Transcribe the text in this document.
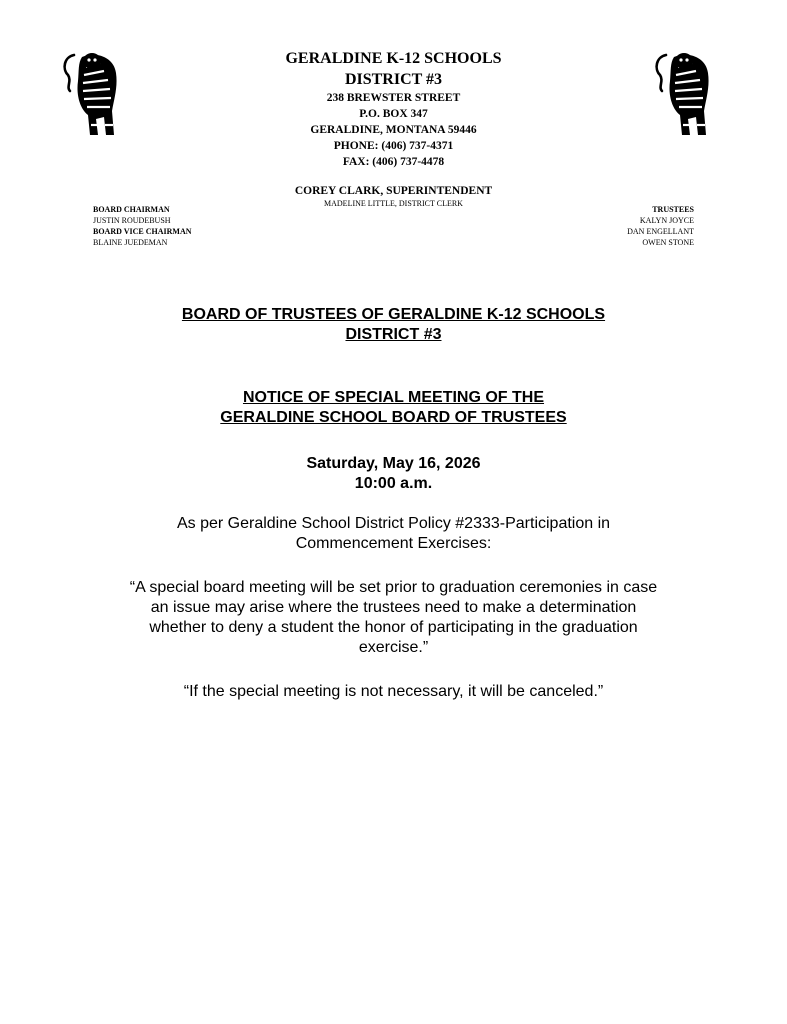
GERALDINE K-12 SCHOOLS
DISTRICT #3
238 BREWSTER STREET
P.O. BOX 347
GERALDINE, MONTANA 59446
PHONE: (406) 737-4371
FAX: (406) 737-4478
COREY CLARK, SUPERINTENDENT
MADELINE LITTLE, DISTRICT CLERK
BOARD CHAIRMAN
JUSTIN ROUDEBUSH
BOARD VICE CHAIRMAN
BLAINE JUEDEMAN
TRUSTEES
KALYN JOYCE
DAN ENGELLANT
OWEN STONE
BOARD OF TRUSTEES OF GERALDINE K-12 SCHOOLS
DISTRICT #3
NOTICE OF SPECIAL MEETING OF THE
GERALDINE SCHOOL BOARD OF TRUSTEES
Saturday, May 16, 2026
10:00 a.m.
As per Geraldine School District Policy #2333-Participation in
Commencement Exercises:
“A special board meeting will be set prior to graduation ceremonies in case
an issue may arise where the trustees need to make a determination
whether to deny a student the honor of participating in the graduation
exercise.”
“If the special meeting is not necessary, it will be canceled.”
